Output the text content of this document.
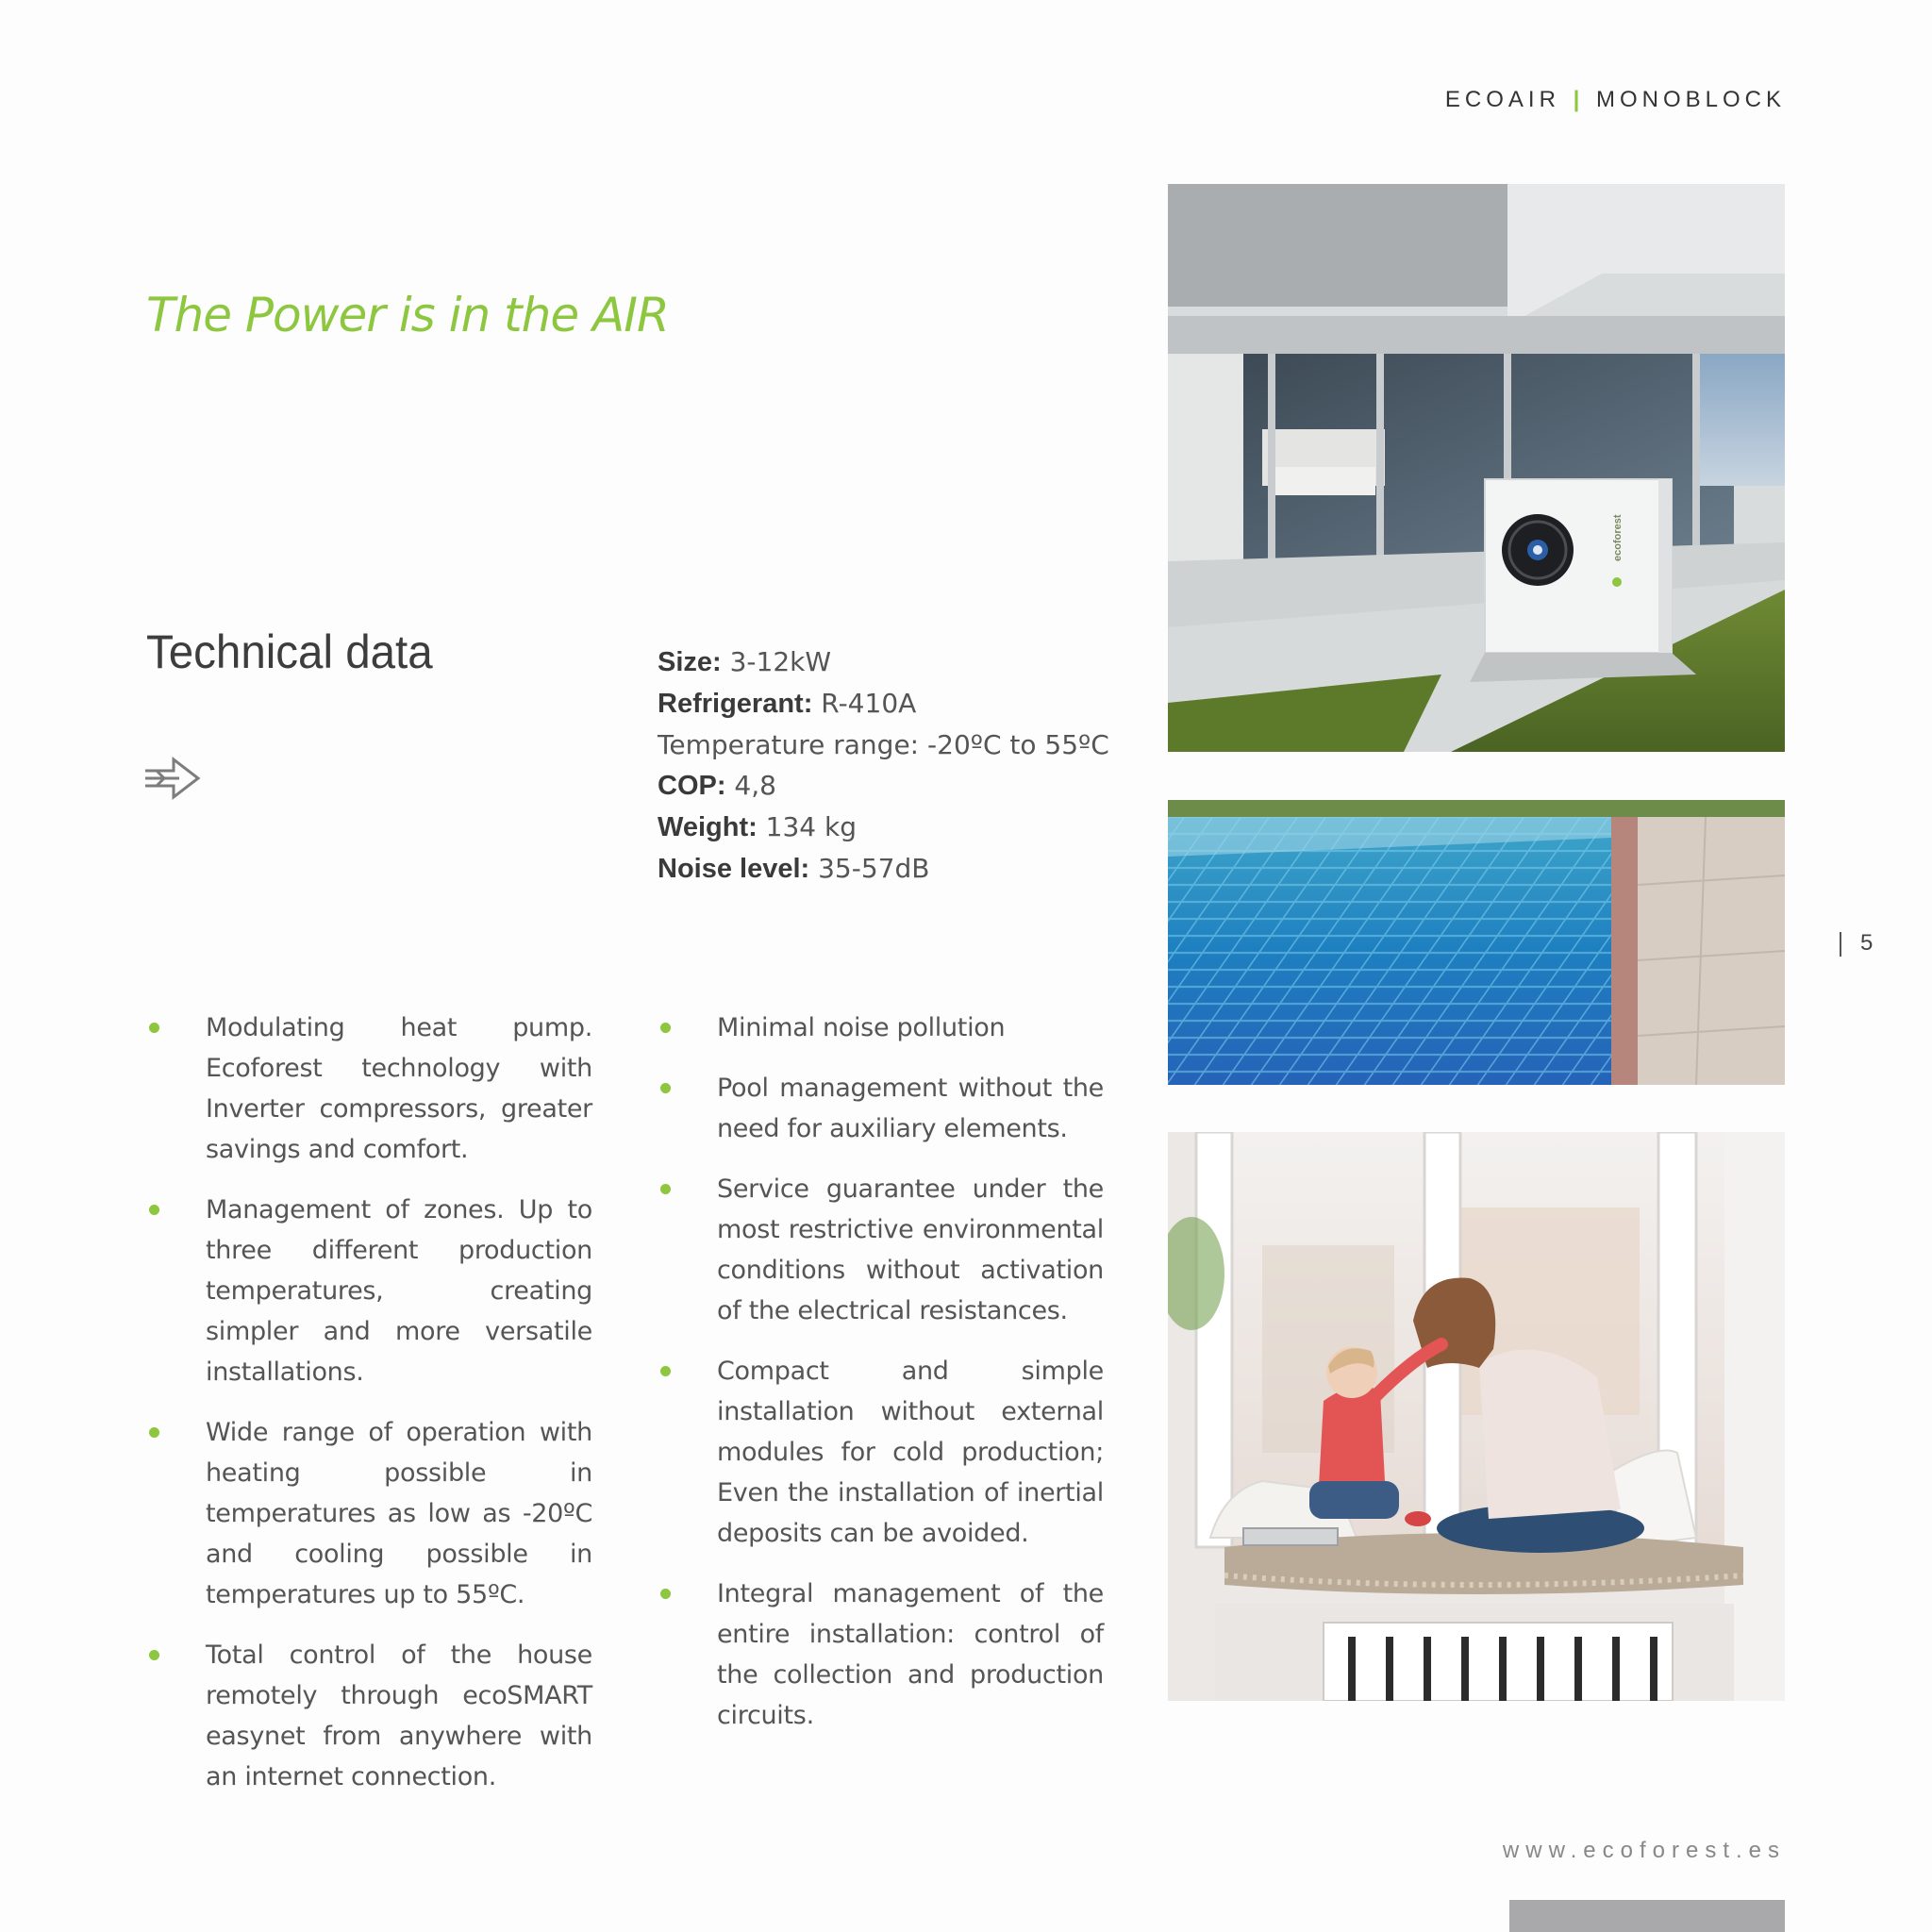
ECOAIR | MONOBLOCK
The Power is in the AIR
Technical data	Size: 3-12kW
Refrigerant: R-410A
Temperature range: -20ºC to 55ºC
COP: 4,8
Weight: 134 kg
Noise level: 35-57dB
Modulating heat pump. Ecoforest technology with Inverter compressors, greater savings and comfort.
Management of zones. Up to three different production temperatures, creating simpler and more versatile installations.
Wide range of operation with heating possible in temperatures as low as -20ºC and cooling possible in temperatures up to 55ºC.
Total control of the house remotely through ecoSMART easynet from anywhere with an internet connection.
Minimal noise pollution
Pool management without the need for auxiliary elements.
Service guarantee under the most restrictive environmental conditions without activation of the electrical resistances.
Compact and simple installation without external modules for cold production; Even the installation of inertial deposits can be avoided.
Integral management of the entire installation: control of the collection and production circuits.
ecoforest
5
www.ecoforest.es
